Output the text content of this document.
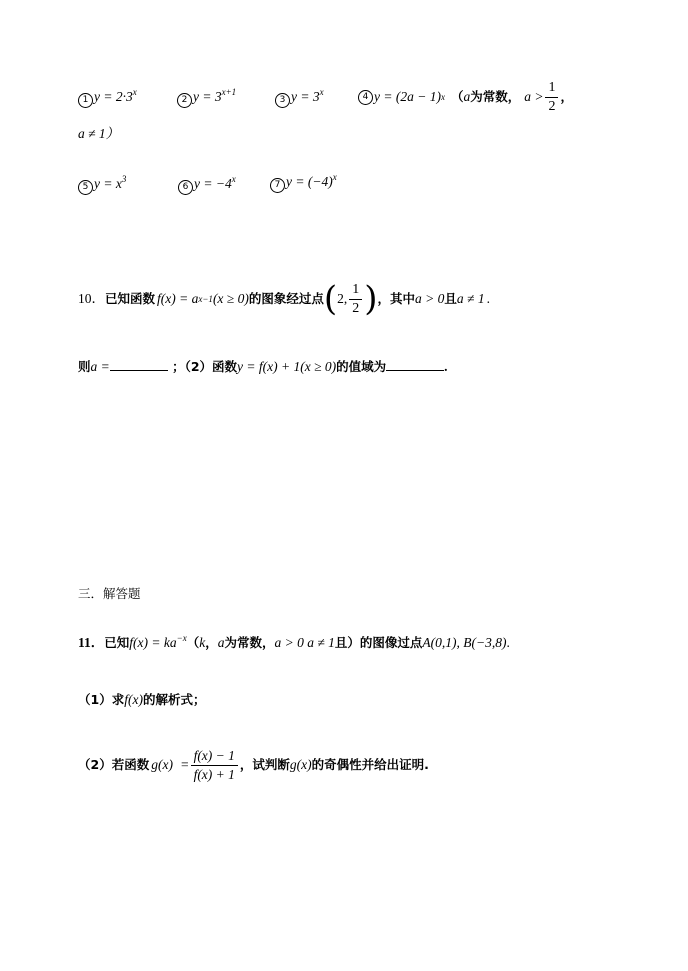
1 $y = 2\cdot 3^x$
2 $y = 3^{x+1}$
3 $y = 3^x$	4 y = (2a − 1) x （ a 为常数， $a > \frac{1}{2}$ ，
a ≠ 1）
5 $y = x^3$
6 $y = -4^x$
7 $y = (-4)^x$
10． 已知函数 f(x) = a x−1 (x ≥ 0) 的图象经过点 ( 2, $\frac{1}{2}$ ) ，其中 a > 0 且 a ≠ 1 .
则a =	；（2）函数y = f(x) + 1(x ≥ 0)的值域为	.
三．解答题
11．已知$f(x) = ka^{-x}(k$，a为常数，a > 0 a ≠ 1且）的图像过点A(0,1), B(−3,8).
（1）求f(x)的解析式；
（2）若函数 $g(x) = \frac{f(x) - 1}{f(x) + 1}$ ，试判断 g(x) 的奇偶性并给出证明.
